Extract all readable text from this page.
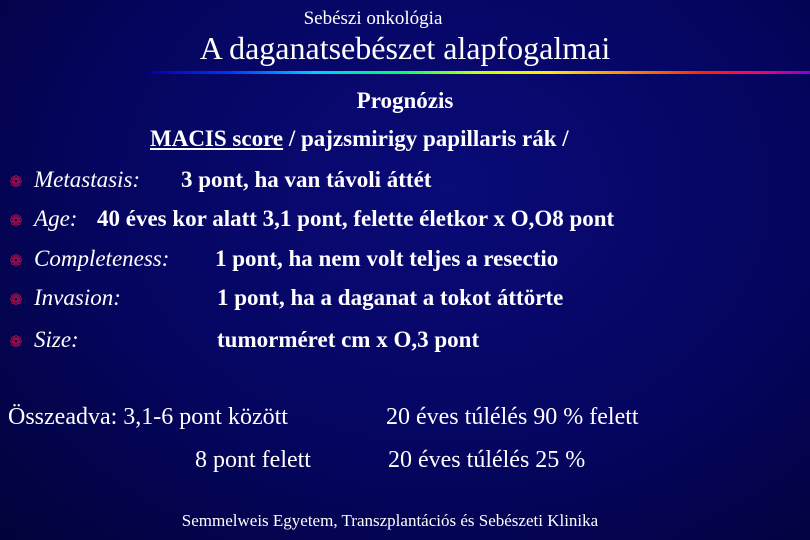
Sebészi onkológia
A daganatsebészet alapfogalmai
Prognózis
MACIS score / pajzsmirigy papillaris rák /
❁ Metastasis: 3 pont, ha van távoli áttét
❁ Age: 40 éves kor alatt 3,1 pont, felette életkor x O,O8 pont
❁ Completeness: 1 pont, ha nem volt teljes a resectio
❁ Invasion:	1 pont, ha a daganat a tokot áttörte
❁ Size:	tumorméret cm x O,3 pont
Összeadva: 3,1-6 pont között	20 éves túlélés 90 % felett
8 pont felett	20 éves túlélés 25 %
Semmelweis Egyetem, Transzplantációs és Sebészeti Klinika
